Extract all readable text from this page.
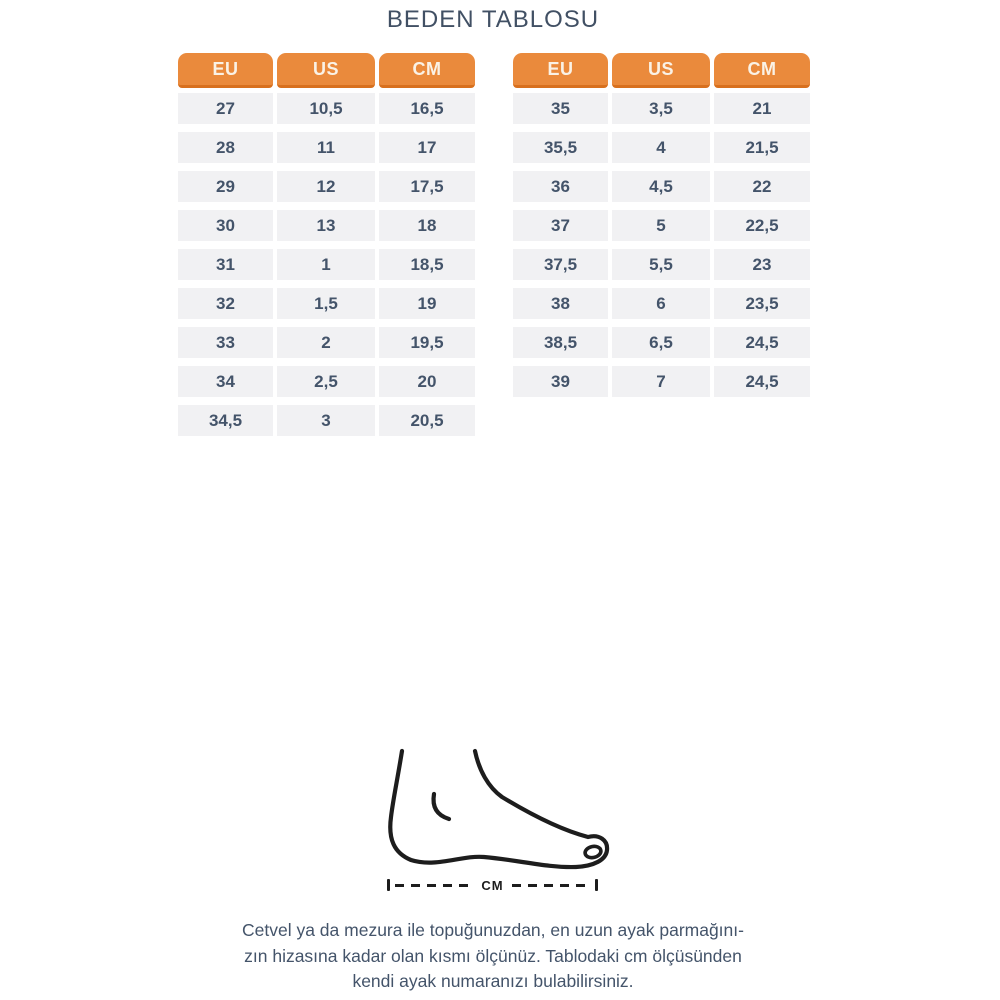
BEDEN TABLOSU
EU	US	CM
27	10,5	16,5
28	11	17
29	12	17,5
30	13	18
31	1	18,5
32	1,5	19
33	2	19,5
34	2,5	20
34,5	3	20,5
EU	US	CM
35	3,5	21
35,5	4	21,5
36	4,5	22
37	5	22,5
37,5	5,5	23
38	6	23,5
38,5	6,5	24,5
39	7	24,5
CM
Cetvel ya da mezura ile topuğunuzdan, en uzun ayak parmağını-
zın hizasına kadar olan kısmı ölçünüz. Tablodaki cm ölçüsünden
kendi ayak numaranızı bulabilirsiniz.
